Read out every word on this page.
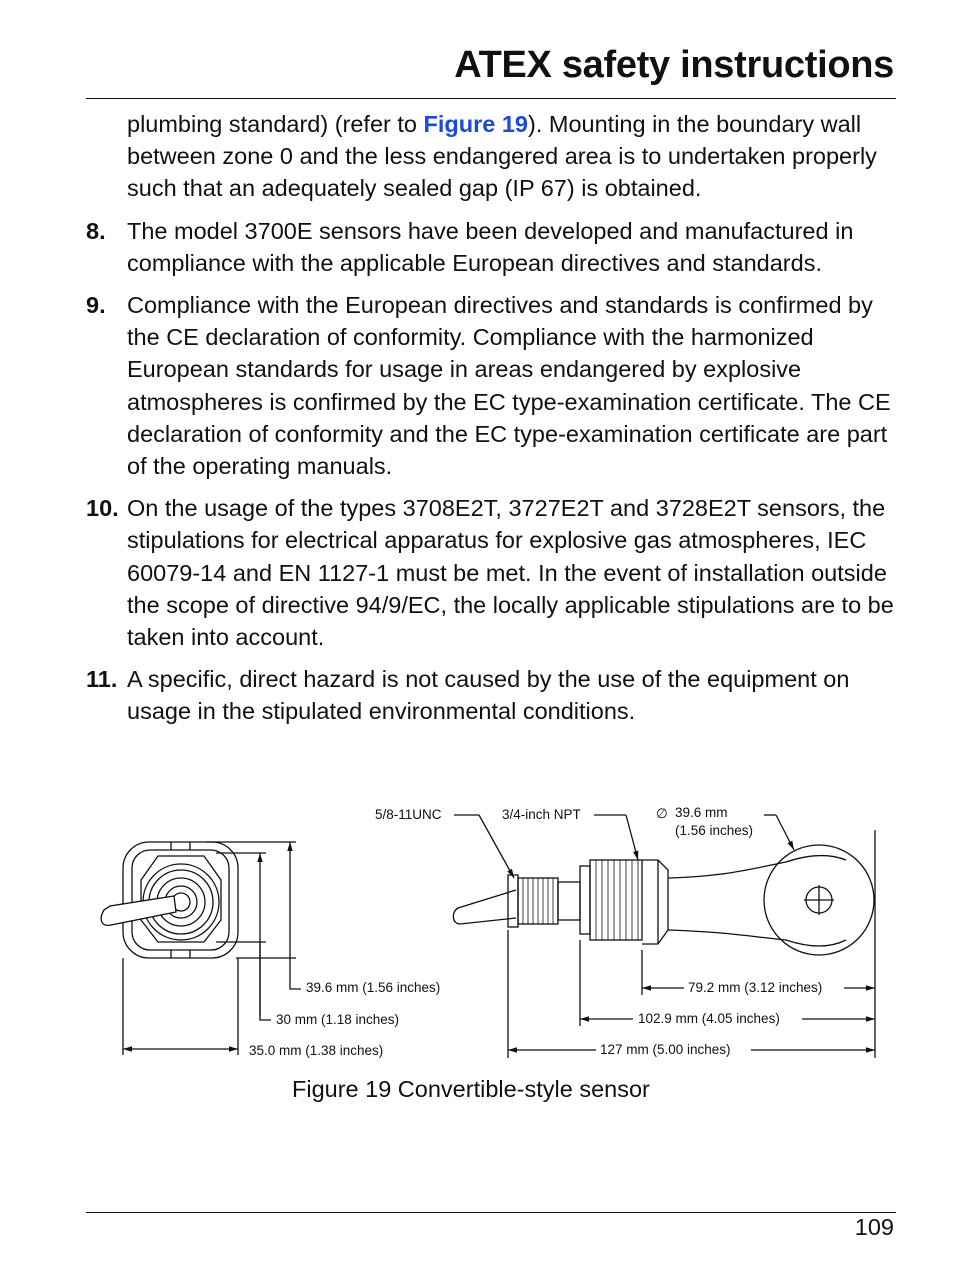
ATEX safety instructions

plumbing standard) (refer to Figure 19). Mounting in the boundary wall between zone 0 and the less endangered area is to undertaken properly such that an adequately sealed gap (IP 67) is obtained.

8. The model 3700E sensors have been developed and manufactured in compliance with the applicable European directives and standards.

9. Compliance with the European directives and standards is confirmed by the CE declaration of conformity. Compliance with the harmonized European standards for usage in areas endangered by explosive atmospheres is confirmed by the EC type-examination certificate. The CE declaration of conformity and the EC type-examination certificate are part of the operating manuals.

10. On the usage of the types 3708E2T, 3727E2T and 3728E2T sensors, the stipulations for electrical apparatus for explosive gas atmospheres, IEC 60079-14 and EN 1127-1 must be met. In the event of installation outside the scope of directive 94/9/EC, the locally applicable stipulations are to be taken into account.

11. A specific, direct hazard is not caused by the use of the equipment on usage in the stipulated environmental conditions.

5/8-11UNC	3/4-inch NPT	∅ 39.6 mm
(1.56 inches)
39.6 mm (1.56 inches)
30 mm (1.18 inches)
35.0 mm (1.38 inches)
79.2 mm (3.12 inches)
102.9 mm (4.05 inches)
127 mm (5.00 inches)

Figure 19 Convertible-style sensor

109
